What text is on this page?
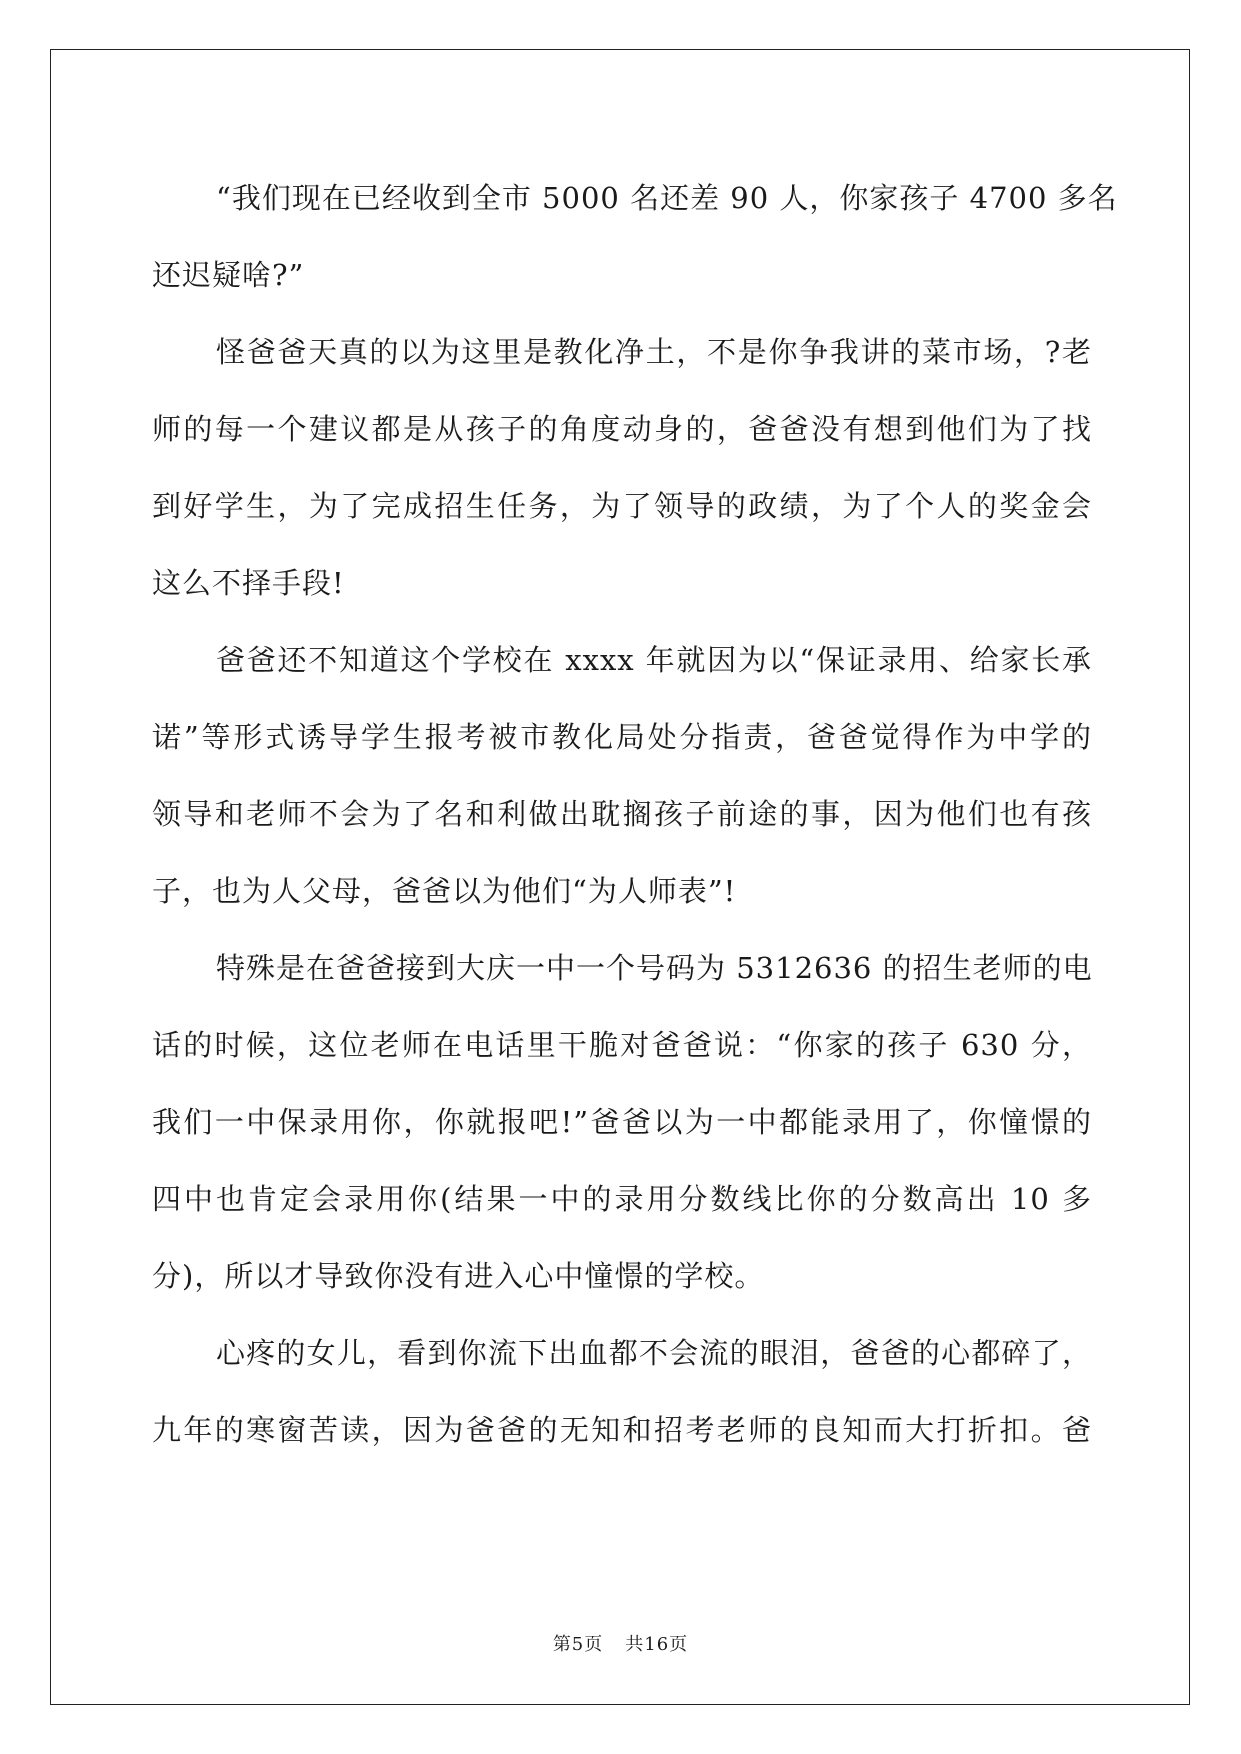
“我们现在已经收到全市 5000 名还差 90 人，你家孩子 4700 多名
还迟疑啥?”
怪爸爸天真的以为这里是教化净土，不是你争我讲的菜市场，?老
师的每一个建议都是从孩子的角度动身的，爸爸没有想到他们为了找
到好学生，为了完成招生任务，为了领导的政绩，为了个人的奖金会
这么不择手段!
爸爸还不知道这个学校在 xxxx 年就因为以“保证录用、给家长承
诺”等形式诱导学生报考被市教化局处分指责，爸爸觉得作为中学的
领导和老师不会为了名和利做出耽搁孩子前途的事，因为他们也有孩
子，也为人父母，爸爸以为他们“为人师表”!
特殊是在爸爸接到大庆一中一个号码为 5312636 的招生老师的电
话的时候，这位老师在电话里干脆对爸爸说：“你家的孩子 630 分，
我们一中保录用你，你就报吧!”爸爸以为一中都能录用了，你憧憬的
四中也肯定会录用你(结果一中的录用分数线比你的分数高出 10 多
分)，所以才导致你没有进入心中憧憬的学校。
心疼的女儿，看到你流下出血都不会流的眼泪，爸爸的心都碎了，
九年的寒窗苦读，因为爸爸的无知和招考老师的良知而大打折扣。爸
第5页 共16页
